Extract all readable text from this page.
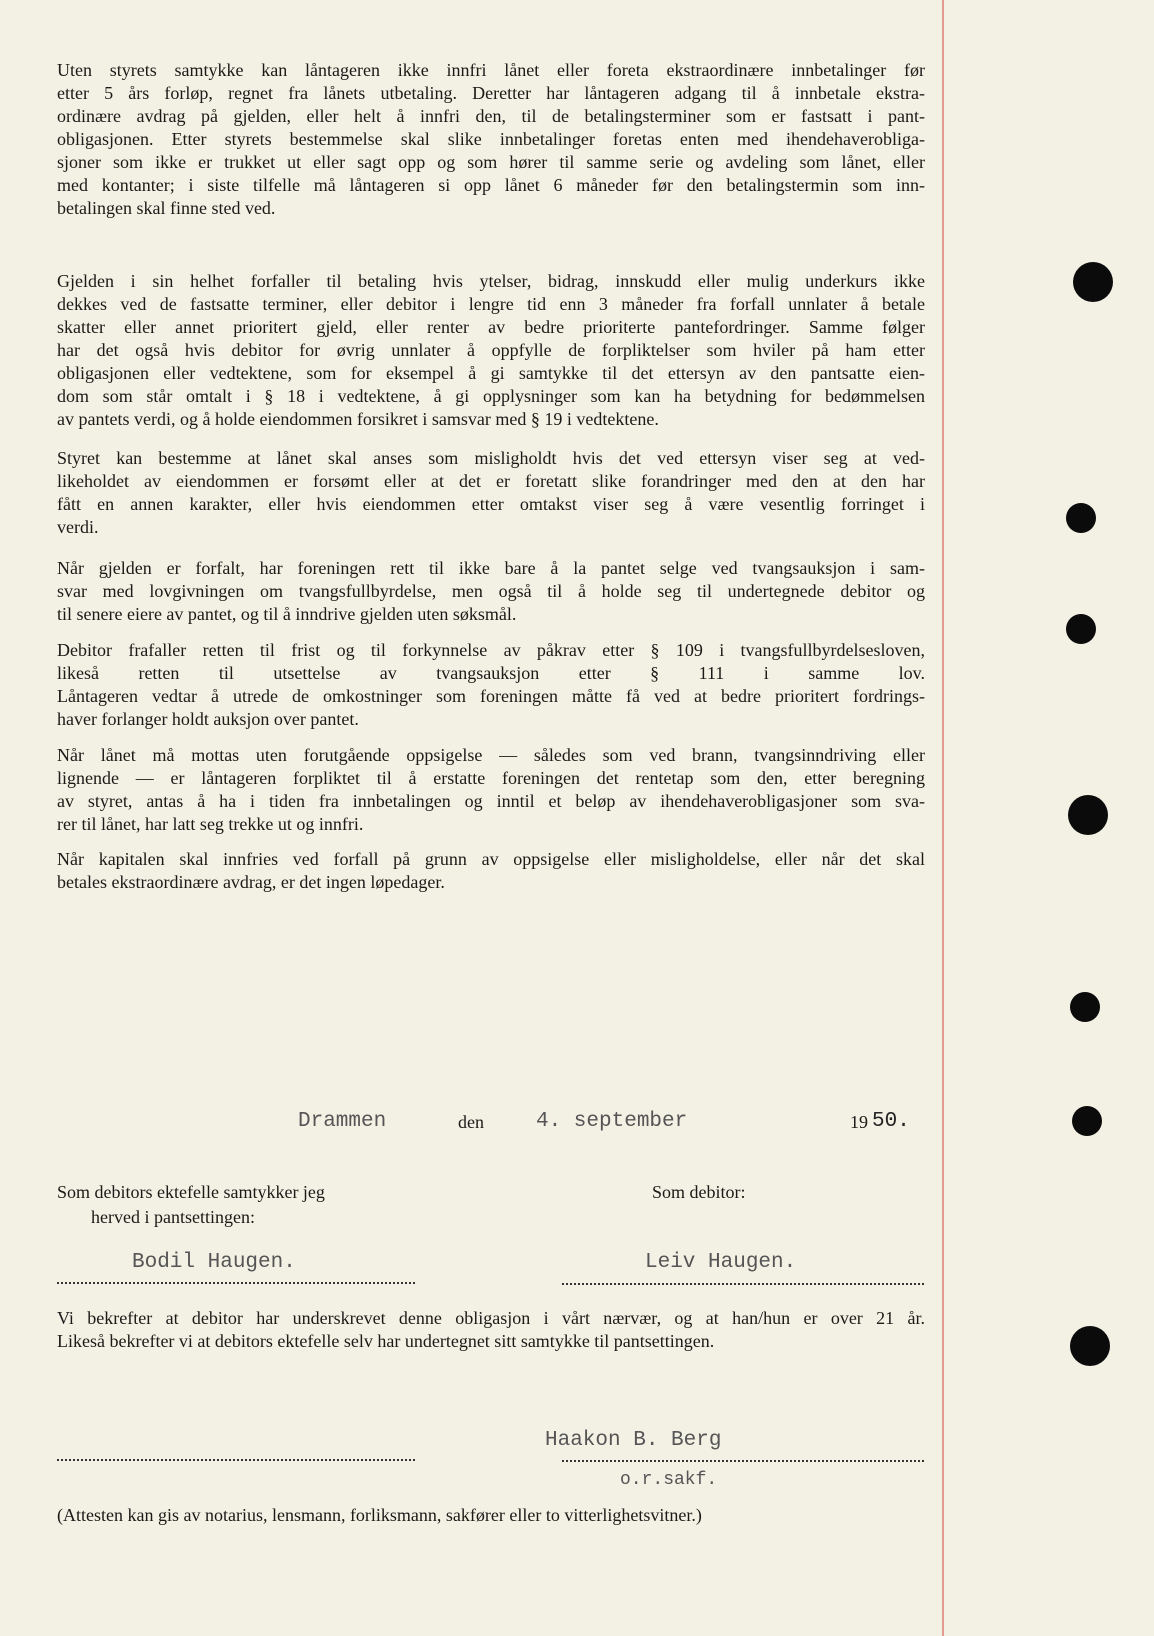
Uten styrets samtykke kan låntageren ikke innfri lånet eller foreta ekstraordinære innbetalinger før
etter 5 års forløp, regnet fra lånets utbetaling. Deretter har låntageren adgang til å innbetale ekstra-
ordinære avdrag på gjelden, eller helt å innfri den, til de betalingsterminer som er fastsatt i pant-
obligasjonen. Etter styrets bestemmelse skal slike innbetalinger foretas enten med ihendehaverobliga-
sjoner som ikke er trukket ut eller sagt opp og som hører til samme serie og avdeling som lånet, eller
med kontanter; i siste tilfelle må låntageren si opp lånet 6 måneder før den betalingstermin som inn-
betalingen skal finne sted ved.
Gjelden i sin helhet forfaller til betaling hvis ytelser, bidrag, innskudd eller mulig underkurs ikke
dekkes ved de fastsatte terminer, eller debitor i lengre tid enn 3 måneder fra forfall unnlater å betale
skatter eller annet prioritert gjeld, eller renter av bedre prioriterte pantefordringer. Samme følger
har det også hvis debitor for øvrig unnlater å oppfylle de forpliktelser som hviler på ham etter
obligasjonen eller vedtektene, som for eksempel å gi samtykke til det ettersyn av den pantsatte eien-
dom som står omtalt i § 18 i vedtektene, å gi opplysninger som kan ha betydning for bedømmelsen
av pantets verdi, og å holde eiendommen forsikret i samsvar med § 19 i vedtektene.
Styret kan bestemme at lånet skal anses som misligholdt hvis det ved ettersyn viser seg at ved-
likeholdet av eiendommen er forsømt eller at det er foretatt slike forandringer med den at den har
fått en annen karakter, eller hvis eiendommen etter omtakst viser seg å være vesentlig forringet i
verdi.
Når gjelden er forfalt, har foreningen rett til ikke bare å la pantet selge ved tvangsauksjon i sam-
svar med lovgivningen om tvangsfullbyrdelse, men også til å holde seg til undertegnede debitor og
til senere eiere av pantet, og til å inndrive gjelden uten søksmål.
Debitor frafaller retten til frist og til forkynnelse av påkrav etter § 109 i tvangsfullbyrdelsesloven,
likeså retten til utsettelse av tvangsauksjon etter § 111 i samme lov.
Låntageren vedtar å utrede de omkostninger som foreningen måtte få ved at bedre prioritert fordrings-
haver forlanger holdt auksjon over pantet.
Når lånet må mottas uten forutgående oppsigelse — således som ved brann, tvangsinndriving eller
lignende — er låntageren forpliktet til å erstatte foreningen det rentetap som den, etter beregning
av styret, antas å ha i tiden fra innbetalingen og inntil et beløp av ihendehaverobligasjoner som sva-
rer til lånet, har latt seg trekke ut og innfri.
Når kapitalen skal innfries ved forfall på grunn av oppsigelse eller misligholdelse, eller når det skal
betales ekstraordinære avdrag, er det ingen løpedager.
Drammen	den 4. september	19 50.
Som debitors ektefelle samtykker jeg
herved i pantsettingen:
Som debitor:
Bodil Haugen.	Leiv Haugen.
Vi bekrefter at debitor har underskrevet denne obligasjon i vårt nærvær, og at han/hun er over 21 år.
Likeså bekrefter vi at debitors ektefelle selv har undertegnet sitt samtykke til pantsettingen.
Haakon B. Berg
o.r.sakf.
(Attesten kan gis av notarius, lensmann, forliksmann, sakfører eller to vitterlighetsvitner.)
